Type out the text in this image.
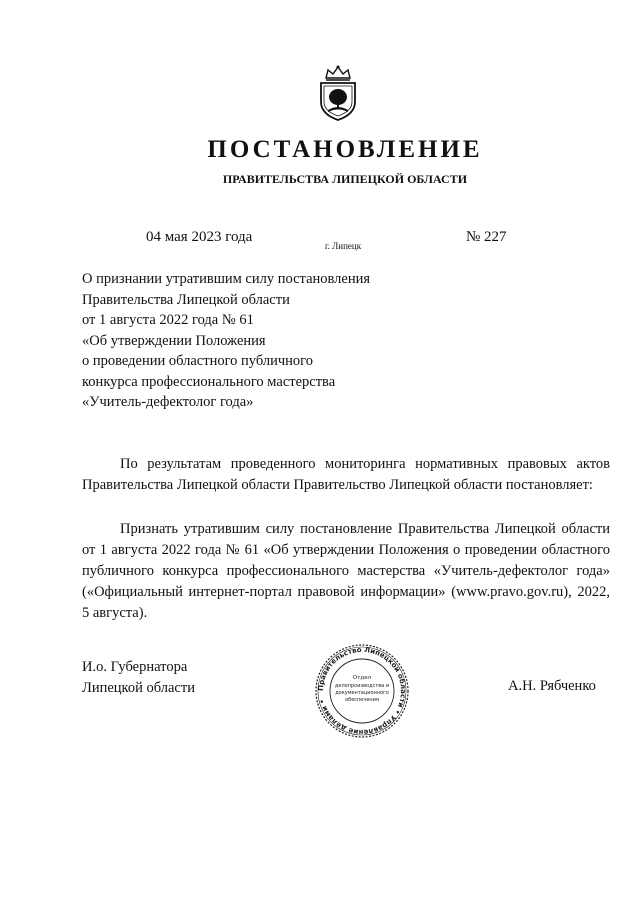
ПОСТАНОВЛЕНИЕ
ПРАВИТЕЛЬСТВА ЛИПЕЦКОЙ ОБЛАСТИ
04 мая 2023 года
г. Липецк
№ 227
О признании утратившим силу постановления
Правительства Липецкой области
от 1 августа 2022 года № 61
«Об утверждении Положения
о проведении областного публичного
конкурса профессионального мастерства
«Учитель-дефектолог года»
По результатам проведенного мониторинга нормативных правовых актов Правительства Липецкой области Правительство Липецкой области постановляет:
Признать утратившим силу постановление Правительства Липецкой области от 1 августа 2022 года № 61 «Об утверждении Положения о проведении областного публичного конкурса профессионального мастерства «Учитель-дефектолог года» («Официальный интернет-портал правовой информации» (www.pravo.gov.ru), 2022, 5 августа).
И.о. Губернатора
Липецкой области	Правительство Липецкой области • Управление делами •
Отдел
делопроизводства и
документационного
обеспечения
А.Н. Рябченко
